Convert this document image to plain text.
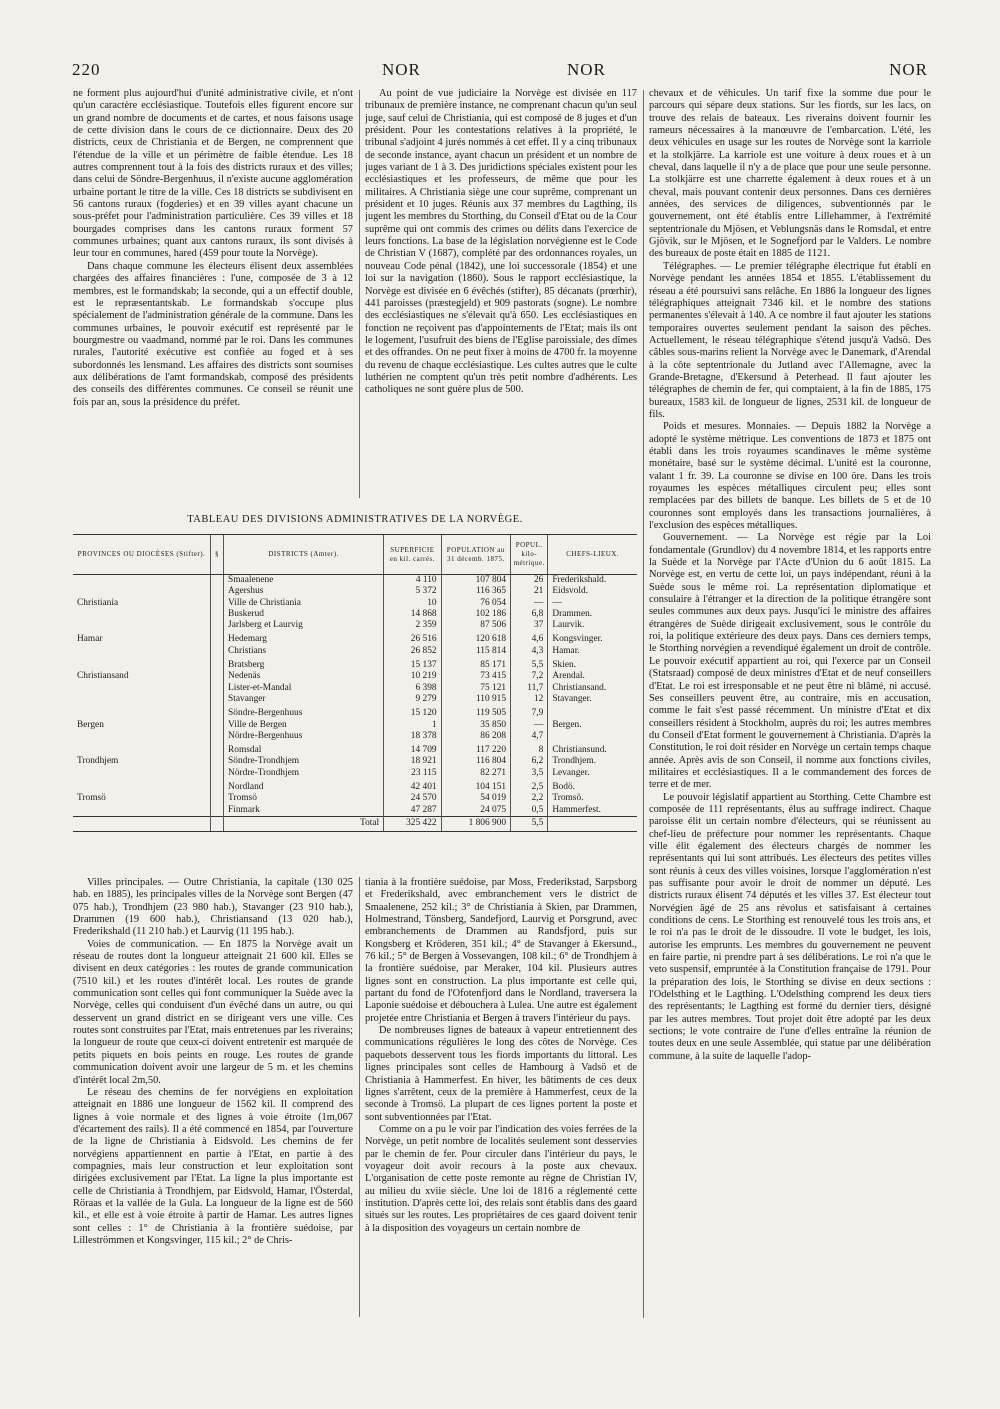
220	NOR	NOR	NOR

ne forment plus aujourd'hui d'unité administrative civile, et n'ont qu'un caractère ecclésiastique. Toutefois elles figurent encore sur un grand nombre de documents et de cartes, et nous faisons usage de cette division dans le cours de ce dictionnaire. Deux des 20 districts, ceux de Christiania et de Bergen, ne comprennent que l'étendue de la ville et un périmètre de faible étendue. Les 18 autres comprennent tout à la fois des districts ruraux et des villes; dans celui de Söndre-Bergenhuus, il n'existe aucune agglomération urbaine portant le titre de la ville. Ces 18 districts se subdivisent en 56 cantons ruraux (fogderies) et en 39 villes ayant chacune un sous-préfet pour l'administration particulière. Ces 39 villes et 18 bourgades comprises dans les cantons ruraux forment 57 communes urbaines; quant aux cantons ruraux, ils sont divisés à leur tour en communes, hared (459 pour toute la Norvège).

Dans chaque commune les électeurs élisent deux assemblées chargées des affaires financières : l'une, composée de 3 à 12 membres, est le formandskab; la seconde, qui a un effectif double, est le repræsentantskab. Le formandskab s'occupe plus spécialement de l'administration générale de la commune. Dans les communes urbaines, le pouvoir exécutif est représenté par le bourgmestre ou vaadmand, nommé par le roi. Dans les communes rurales, l'autorité exécutive est confiée au foged et à ses subordonnés les lensmand. Les affaires des districts sont soumises aux délibérations de l'amt formandskab, composé des présidents des conseils des différentes communes. Ce conseil se réunit une fois par an, sous la présidence du préfet.

Au point de vue judiciaire la Norvège est divisée en 117 tribunaux de première instance, ne comprenant chacun qu'un seul juge, sauf celui de Christiania, qui est composé de 8 juges et d'un président. Pour les contestations relatives à la propriété, le tribunal s'adjoint 4 jurés nommés à cet effet. Il y a cinq tribunaux de seconde instance, ayant chacun un président et un nombre de juges variant de 1 à 3. Des juridictions spéciales existent pour les ecclésiastiques et les professeurs, de même que pour les militaires. A Christiania siège une cour suprême, comprenant un président et 10 juges. Réunis aux 37 membres du Lagthing, ils jugent les membres du Storthing, du Conseil d'Etat ou de la Cour suprême qui ont commis des crimes ou délits dans l'exercice de leurs fonctions. La base de la législation norvégienne est le Code de Christian V (1687), complété par des ordonnances royales, un nouveau Code pénal (1842), une loi successorale (1854) et une loi sur la navigation (1860). Sous le rapport ecclésiastique, la Norvège est divisée en 6 évêchés (stifter), 85 décanats (prœrhir), 441 paroisses (præstegjeld) et 909 pastorats (sogne). Le nombre des ecclésiastiques ne s'élevait qu'à 650. Les ecclésiastiques en fonction ne reçoivent pas d'appointements de l'Etat; mais ils ont le logement, l'usufruit des biens de l'Eglise paroissiale, des dîmes et des offrandes. On ne peut fixer à moins de 4700 fr. la moyenne du revenu de chaque ecclésiastique. Les cultes autres que le culte luthérien ne comptent qu'un très petit nombre d'adhérents. Les catholiques ne sont guère plus de 500.

TABLEAU DES DIVISIONS ADMINISTRATIVES DE LA NORVÈGE.
PROVINCES OU DIOCÈSES (Stifter).	§	DISTRICTS (Amter).	SUPERFICIE en kil. carrés.	POPULATION au 31 décemb. 1875.	POPUL. kilo-métrique.	CHEFS-LIEUX.
		Smaalenene	4 110	107 804	26	Frederikshald.
		Agershus	5 372	116 365	21	Eidsvold.
Christiania		Ville de Christiania	10	76 054	—	—
		Buskerud	14 868	102 186	6,8	Drammen.
		Jarlsberg et Laurvig	2 359	87 506	37	Laurvik.
Hamar		Hedemarg	26 516	120 618	4,6	Kongsvinger.
		Christians	26 852	115 814	4,3	Hamar.
		Bratsberg	15 137	85 171	5,5	Skien.
Christiansand		Nedenäs	10 219	73 415	7,2	Arendal.
		Lister-et-Mandal	6 398	75 121	11,7	Christiansand.
		Stavanger	9 279	110 915	12	Stavanger.
		Söndre-Bergenhuus	15 120	119 505	7,9	
Bergen		Ville de Bergen	1	35 850	—	Bergen.
		Nördre-Bergenhuus	18 378	86 208	4,7	
		Romsdal	14 709	117 220	8	Christiansund.
Trondhjem		Söndre-Trondhjem	18 921	116 804	6,2	Trondhjem.
		Nördre-Trondhjem	23 115	82 271	3,5	Levanger.
		Nordland	42 401	104 151	2,5	Bodö.
Tromsö		Tromsö	24 570	54 019	2,2	Tromsö.
		Finmark	47 287	24 075	0,5	Hammerfest.
		Total	325 422	1 806 900	5,5	

Villes principales. — Outre Christiania, la capitale (130 025 hab. en 1885), les principales villes de la Norvège sont Bergen (47 075 hab.), Trondhjem (23 980 hab.), Stavanger (23 910 hab.), Drammen (19 600 hab.), Christiansand (13 020 hab.), Frederikshald (11 210 hab.) et Laurvig (11 195 hab.).

Voies de communication. — En 1875 la Norvège avait un réseau de routes dont la longueur atteignait 21 600 kil. Elles se divisent en deux catégories : les routes de grande communication (7510 kil.) et les routes d'intérêt local. Les routes de grande communication sont celles qui font communiquer la Suède avec la Norvège, celles qui conduisent d'un évêché dans un autre, ou qui desservent un grand district en se dirigeant vers une ville. Ces routes sont construites par l'Etat, mais entretenues par les riverains; la longueur de route que ceux-ci doivent entretenir est marquée de petits piquets en bois peints en rouge. Les routes de grande communication doivent avoir une largeur de 5 m. et les chemins d'intérêt local 2m,50.

Le réseau des chemins de fer norvégiens en exploitation atteignait en 1886 une longueur de 1562 kil. Il comprend des lignes à voie normale et des lignes à voie étroite (1m,067 d'écartement des rails). Il a été commencé en 1854, par l'ouverture de la ligne de Christiania à Eidsvold. Les chemins de fer norvégiens appartiennent en partie à l'Etat, en partie à des compagnies, mais leur construction et leur exploitation sont dirigées exclusivement par l'Etat. La ligne la plus importante est celle de Christiania à Trondhjem, par Eidsvold, Hamar, l'Österdal, Röraas et la vallée de la Gula. La longueur de la ligne est de 560 kil., et elle est à voie étroite à partir de Hamar. Les autres lignes sont celles : 1° de Christiania à la frontière suédoise, par Lilleströmmen et Kongsvinger, 115 kil.; 2° de Chris-

tiania à la frontière suédoise, par Moss, Frederikstad, Sarpsborg et Frederikshald, avec embranchement vers le district de Smaalenene, 252 kil.; 3° de Christiania à Skien, par Drammen, Holmestrand, Tönsberg, Sandefjord, Laurvig et Porsgrund, avec embranchements de Drammen au Randsfjord, puis sur Kongsberg et Kröderen, 351 kil.; 4° de Stavanger à Ekersund., 76 kil.; 5° de Bergen à Vossevangen, 108 kil.; 6° de Trondhjem à la frontière suédoise, par Meraker, 104 kil. Plusieurs autres lignes sont en construction. La plus importante est celle qui, partant du fond de l'Ofotenfjord dans le Nordland, traversera la Laponie suédoise et débouchera à Lulea. Une autre est également projetée entre Christiania et Bergen à travers l'intérieur du pays.

De nombreuses lignes de bateaux à vapeur entretiennent des communications régulières le long des côtes de Norvège. Ces paquebots desservent tous les fiords importants du littoral. Les lignes principales sont celles de Hambourg à Vadsö et de Christiania à Hammerfest. En hiver, les bâtiments de ces deux lignes s'arrêtent, ceux de la première à Hammerfest, ceux de la seconde à Tromsö. La plupart de ces lignes portent la poste et sont subventionnées par l'Etat.

Comme on a pu le voir par l'indication des voies ferrées de la Norvège, un petit nombre de localités seulement sont desservies par le chemin de fer. Pour circuler dans l'intérieur du pays, le voyageur doit avoir recours à la poste aux chevaux. L'organisation de cette poste remonte au règne de Christian IV, au milieu du xviie siècle. Une loi de 1816 a réglementé cette institution. D'après cette loi, des relais sont établis dans des gaard situés sur les routes. Les propriétaires de ces gaard doivent tenir à la disposition des voyageurs un certain nombre de

chevaux et de véhicules. Un tarif fixe la somme due pour le parcours qui sépare deux stations. Sur les fiords, sur les lacs, on trouve des relais de bateaux. Les riverains doivent fournir les rameurs nécessaires à la manœuvre de l'embarcation. L'été, les deux véhicules en usage sur les routes de Norvège sont la karriole et la stolkjärre. La karriole est une voiture à deux roues et à un cheval, dans laquelle il n'y a de place que pour une seule personne. La stolkjärre est une charrette également à deux roues et à un cheval, mais pouvant contenir deux personnes. Dans ces dernières années, des services de diligences, subventionnés par le gouvernement, ont été établis entre Lillehammer, à l'extrémité septentrionale du Mjösen, et Veblungsnäs dans le Romsdal, et entre Gjövik, sur le Mjösen, et le Sognefjord par le Valders. Le nombre des bureaux de poste était en 1885 de 1121.

Télégraphes. — Le premier télégraphe électrique fut établi en Norvège pendant les années 1854 et 1855. L'établissement du réseau a été poursuivi sans relâche. En 1886 la longueur des lignes télégraphiques atteignait 7346 kil. et le nombre des stations permanentes s'élevait à 140. A ce nombre il faut ajouter les stations temporaires ouvertes seulement pendant la saison des pêches. Actuellement, le réseau télégraphique s'étend jusqu'à Vadsö. Des câbles sous-marins relient la Norvège avec le Danemark, d'Arendal à la côte septentrionale du Jutland avec l'Allemagne, avec la Grande-Bretagne, d'Ekersund à Peterhead. Il faut ajouter les télégraphes de chemin de fer, qui comptaient, à la fin de 1885, 175 bureaux, 1583 kil. de longueur de lignes, 2531 kil. de longueur de fils.

Poids et mesures. Monnaies. — Depuis 1882 la Norvège a adopté le système métrique. Les conventions de 1873 et 1875 ont établi dans les trois royaumes scandinaves le même système monétaire, basé sur le système décimal. L'unité est la couronne, valant 1 fr. 39. La couronne se divise en 100 öre. Dans les trois royaumes les espèces métalliques circulent peu; elles sont remplacées par des billets de banque. Les billets de 5 et de 10 couronnes sont employés dans les transactions journalières, à l'exclusion des espèces métalliques.

Gouvernement. — La Norvège est régie par la Loi fondamentale (Grundlov) du 4 novembre 1814, et les rapports entre la Suède et la Norvège par l'Acte d'Union du 6 août 1815. La Norvège est, en vertu de cette loi, un pays indépendant, réuni à la Suède sous le même roi. La représentation diplomatique et consulaire à l'étranger et la direction de la politique étrangère sont seules communes aux deux pays. Jusqu'ici le ministre des affaires étrangères de Suède dirigeait exclusivement, sous le contrôle du roi, la politique extérieure des deux pays. Dans ces derniers temps, le Storthing norvégien a revendiqué également un droit de contrôle. Le pouvoir exécutif appartient au roi, qui l'exerce par un Conseil (Statsraad) composé de deux ministres d'Etat et de neuf conseillers d'Etat. Le roi est irresponsable et ne peut être ni blâmé, ni accusé. Ses conseillers peuvent être, au contraire, mis en accusation, comme le fait s'est passé récemment. Un ministre d'Etat et dix conseillers résident à Stockholm, auprès du roi; les autres membres du Conseil d'Etat forment le gouvernement à Christiania. D'après la Constitution, le roi doit résider en Norvège un certain temps chaque année. Après avis de son Conseil, il nomme aux fonctions civiles, militaires et ecclésiastiques. Il a le commandement des forces de terre et de mer.

Le pouvoir législatif appartient au Storthing. Cette Chambre est composée de 111 représentants, élus au suffrage indirect. Chaque paroisse élit un certain nombre d'électeurs, qui se réunissent au chef-lieu de préfecture pour nommer les représentants. Chaque ville élit également des électeurs chargés de nommer les représentants qui lui sont attribués. Les électeurs des petites villes sont réunis à ceux des villes voisines, lorsque l'agglomération n'est pas suffisante pour avoir le droit de nommer un député. Les districts ruraux élisent 74 députés et les villes 37. Est électeur tout Norvégien âgé de 25 ans révolus et satisfaisant à certaines conditions de cens. Le Storthing est renouvelé tous les trois ans, et le roi n'a pas le droit de le dissoudre. Il vote le budget, les lois, autorise les emprunts. Les membres du gouvernement ne peuvent en faire partie, ni prendre part à ses délibérations. Le roi n'a que le veto suspensif, empruntée à la Constitution française de 1791. Pour la préparation des lois, le Storthing se divise en deux sections : l'Odelsthing et le Lagthing. L'Odelsthing comprend les deux tiers des représentants; le Lagthing est formé du dernier tiers, désigné par les autres membres. Tout projet doit être adopté par les deux sections; le vote contraire de l'une d'elles entraîne la réunion de toutes deux en une seule Assemblée, qui statue par une délibération commune, à la suite de laquelle l'adop-
